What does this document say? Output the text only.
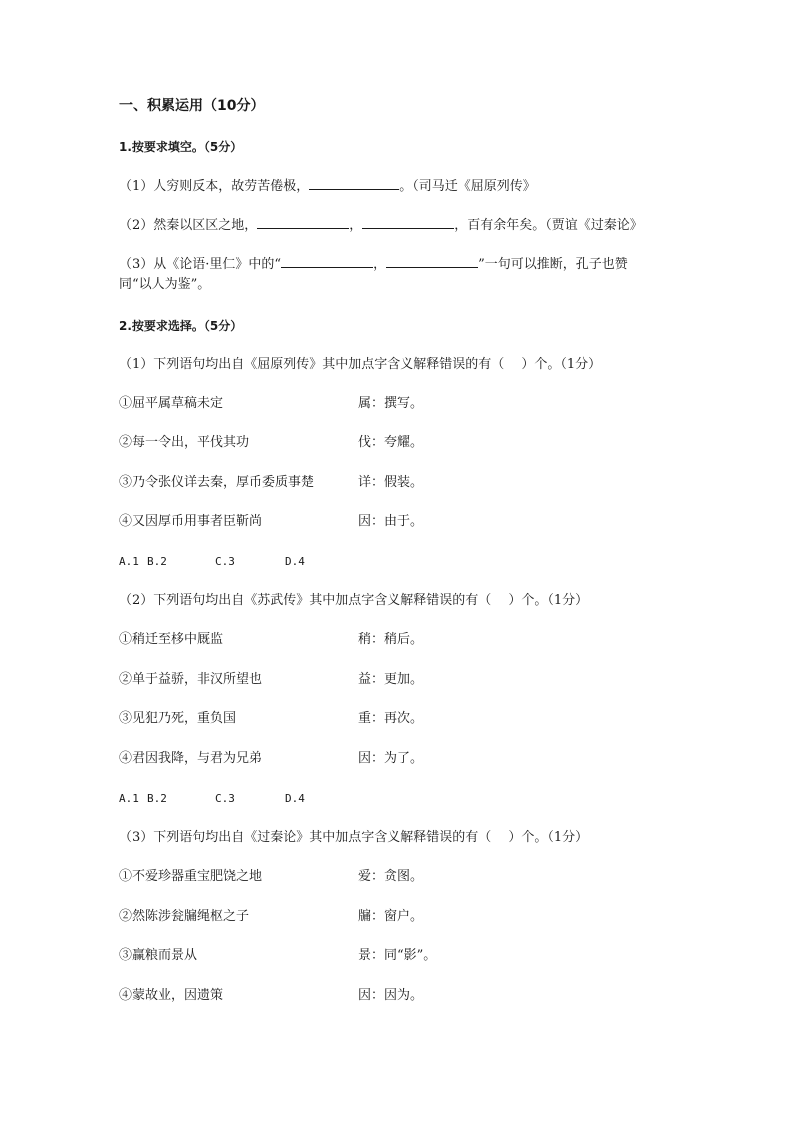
一、积累运用（10分）
1.按要求填空。（5分）
（1）人穷则反本，故劳苦倦极，	。（司马迁《屈原列传》
（2）然秦以区区之地，	，	，百有余年矣。（贾谊《过秦论》
（3）从《论语·里仁》中的“	，	”一句可以推断，孔子也赞
同“以人为鉴”。
2.按要求选择。（5分）
（1）下列语句均出自《屈原列传》其中加点字含义解释错误的有（　 ）个。（1分）
①屈平属草稿未定	属：撰写。
②每一令出，平伐其功	伐：夸耀。
③乃令张仪详去秦，厚币委质事楚	详：假装。
④又因厚币用事者臣靳尚	因：由于。
A.1 B.2	C.3	D.4
（2）下列语句均出自《苏武传》其中加点字含义解释错误的有（　 ）个。（1分）
①稍迁至栘中厩监	稍：稍后。
②单于益骄，非汉所望也	益：更加。
③见犯乃死，重负国	重：再次。
④君因我降，与君为兄弟	因：为了。
A.1 B.2	C.3	D.4
（3）下列语句均出自《过秦论》其中加点字含义解释错误的有（　 ）个。（1分）
①不爱珍器重宝肥饶之地	爱：贪图。
②然陈涉瓮牖绳枢之子	牖：窗户。
③赢粮而景从	景：同“影”。
④蒙故业，因遗策	因：因为。
